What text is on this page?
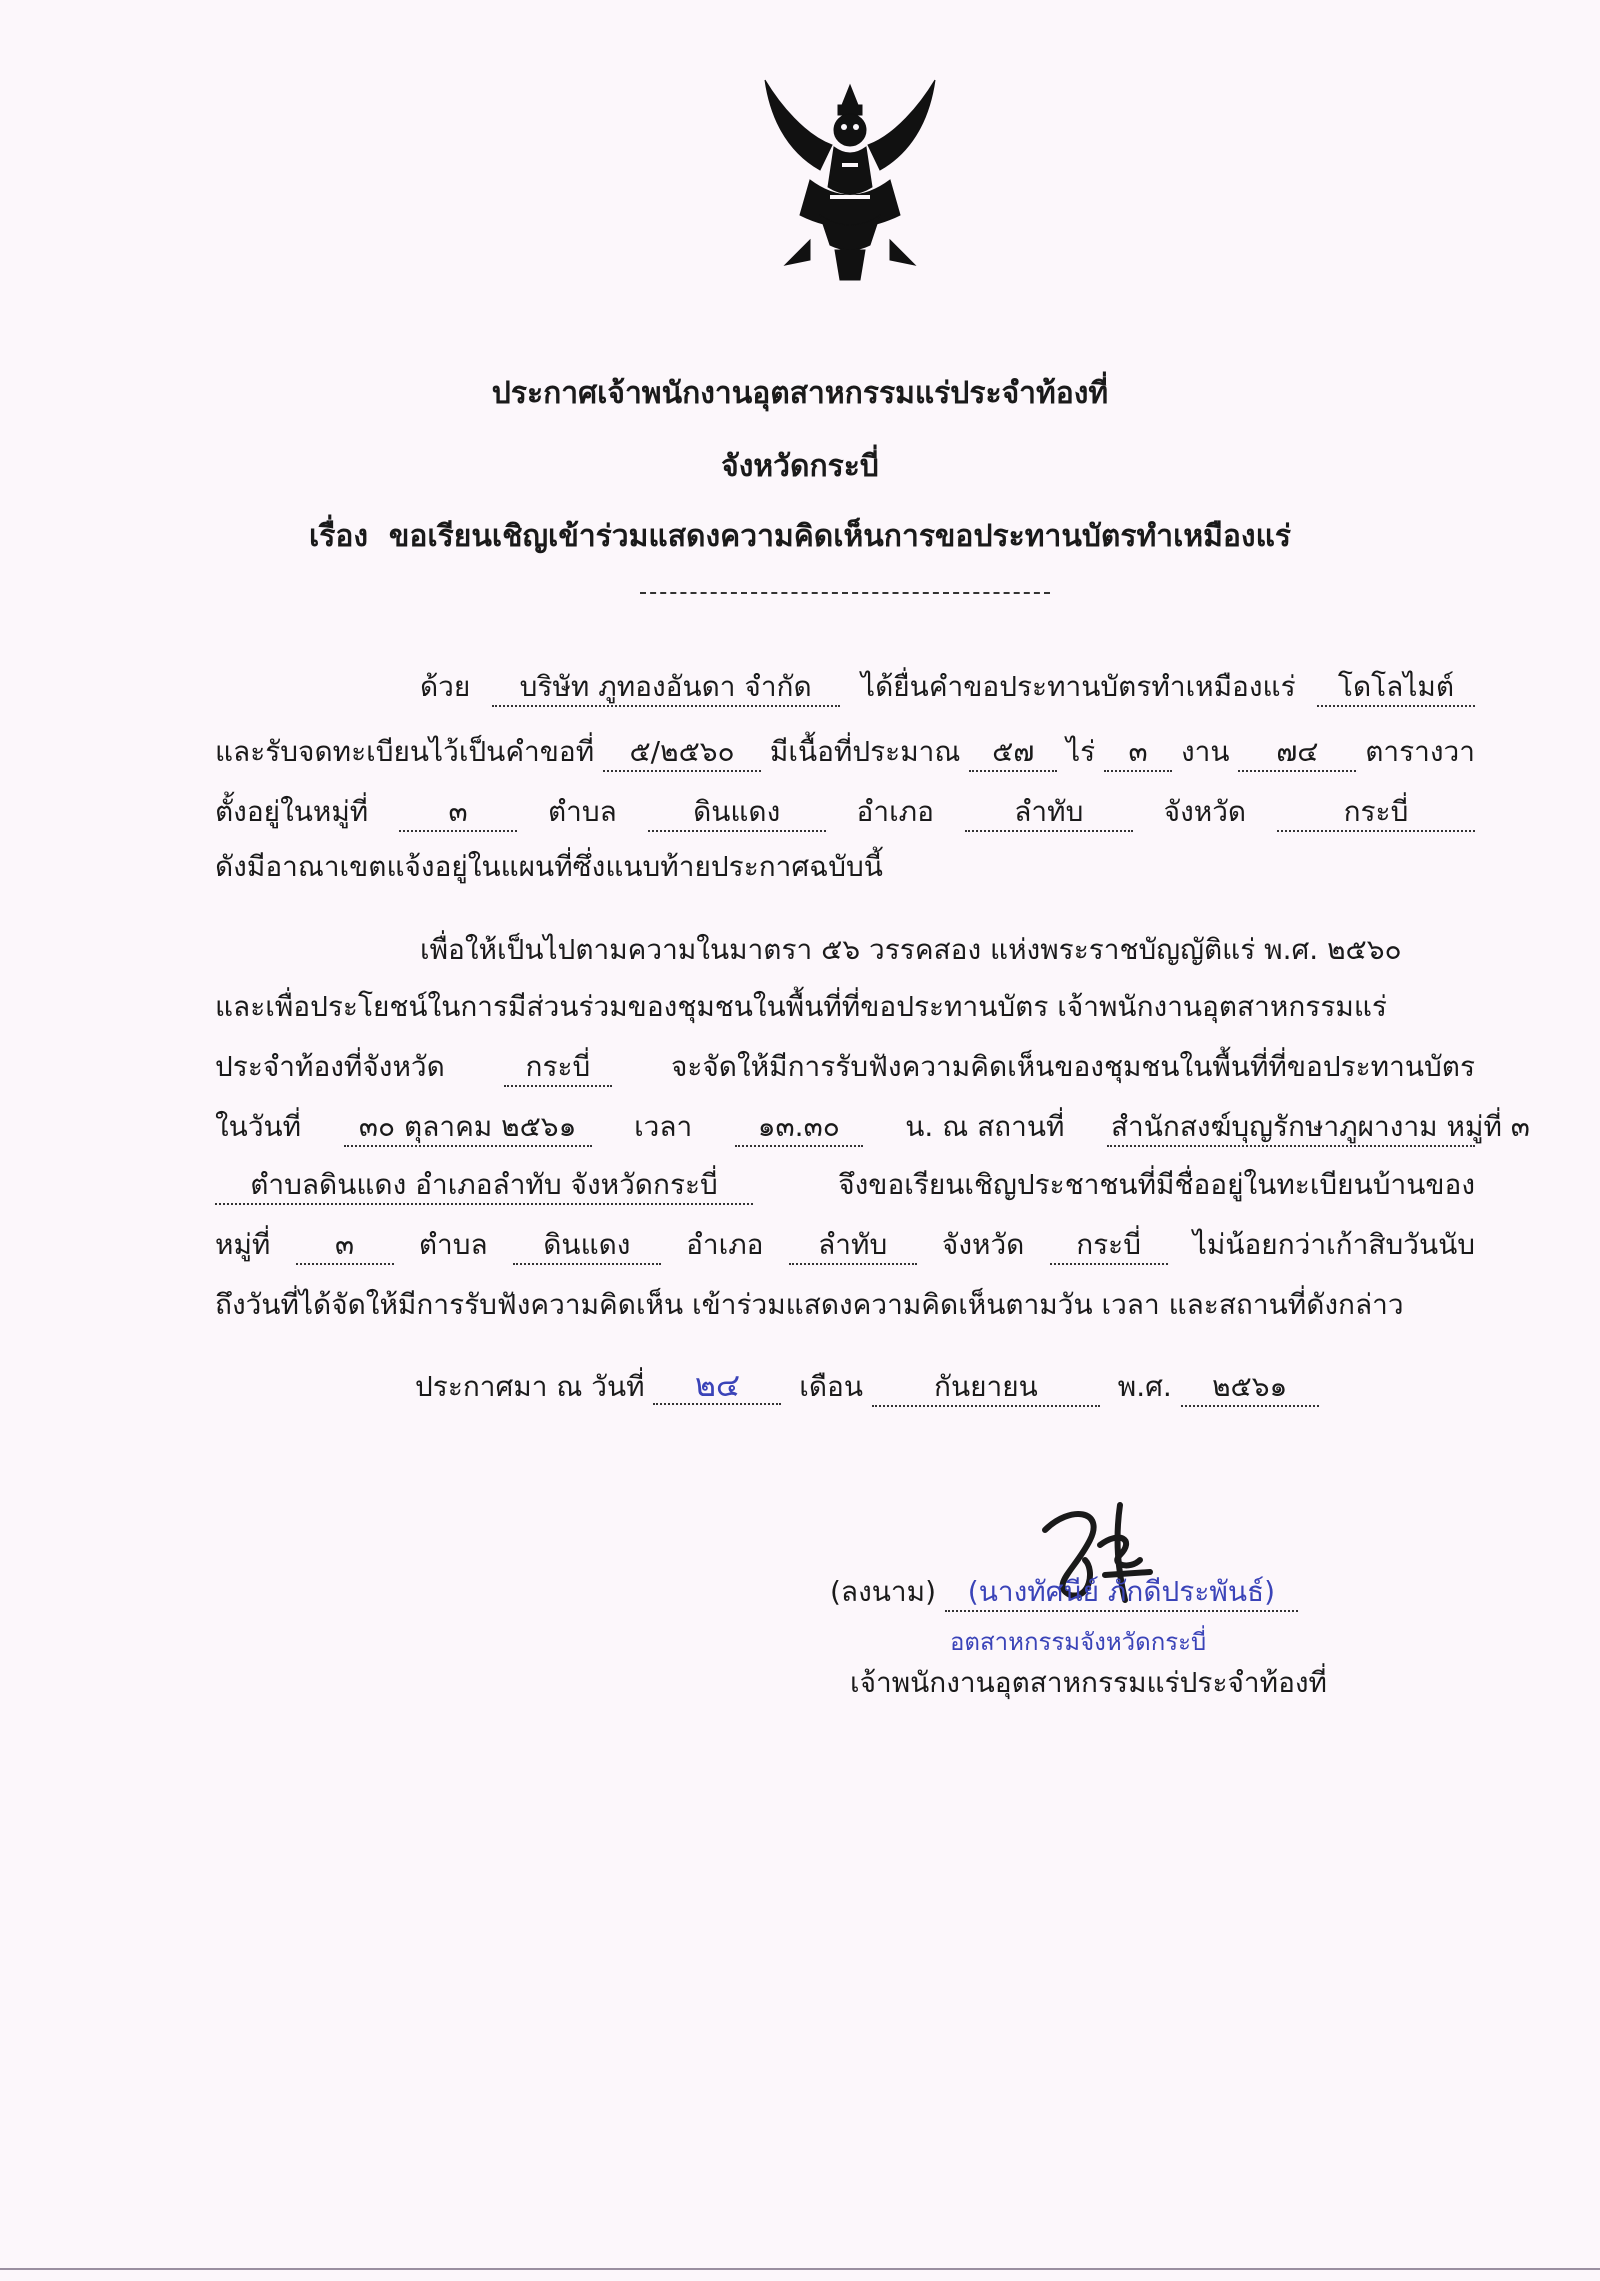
ประกาศเจ้าพนักงานอุตสาหกรรมแร่ประจำท้องที่
จังหวัดกระบี่
เรื่อง ขอเรียนเชิญเข้าร่วมแสดงความคิดเห็นการขอประทานบัตรทำเหมืองแร่
ด้วย	บริษัท ภูทองอันดา จำกัด	ได้ยื่นคำขอประทานบัตรทำเหมืองแร่	โดโลไมต์
และรับจดทะเบียนไว้เป็นคำขอที่	๕/๒๕๖๐	มีเนื้อที่ประมาณ	๕๗	ไร่	๓	งาน	๗๔	ตารางวา
ตั้งอยู่ในหมู่ที่	๓	ตำบล	ดินแดง	อำเภอ	ลำทับ	จังหวัด	กระบี่
ดังมีอาณาเขตแจ้งอยู่ในแผนที่ซึ่งแนบท้ายประกาศฉบับนี้
เพื่อให้เป็นไปตามความในมาตรา ๕๖ วรรคสอง แห่งพระราชบัญญัติแร่ พ.ศ. ๒๕๖๐
และเพื่อประโยชน์ในการมีส่วนร่วมของชุมชนในพื้นที่ที่ขอประทานบัตร เจ้าพนักงานอุตสาหกรรมแร่
ประจำท้องที่จังหวัด	กระบี่	จะจัดให้มีการรับฟังความคิดเห็นของชุมชนในพื้นที่ที่ขอประทานบัตร
ในวันที่	๓๐ ตุลาคม ๒๕๖๑	เวลา	๑๓.๓๐	น. ณ สถานที่ สำนักสงฆ์บุญรักษาภูผางาม หมู่ที่ ๓
ตำบลดินแดง อำเภอลำทับ จังหวัดกระบี่	จึงขอเรียนเชิญประชาชนที่มีชื่ออยู่ในทะเบียนบ้านของ
หมู่ที่	๓	ตำบล	ดินแดง	อำเภอ	ลำทับ	จังหวัด	กระบี่	ไม่น้อยกว่าเก้าสิบวันนับ
ถึงวันที่ได้จัดให้มีการรับฟังความคิดเห็น เข้าร่วมแสดงความคิดเห็นตามวัน เวลา และสถานที่ดังกล่าว
ประกาศมา ณ วันที่ ๒๔ เดือน	กันยายน	พ.ศ. ๒๕๖๑
(ลงนาม) (นางทัศนีย์ ภักดีประพันธ์)
อตสาหกรรมจังหวัดกระบี่
เจ้าพนักงานอุตสาหกรรมแร่ประจำท้องที่
